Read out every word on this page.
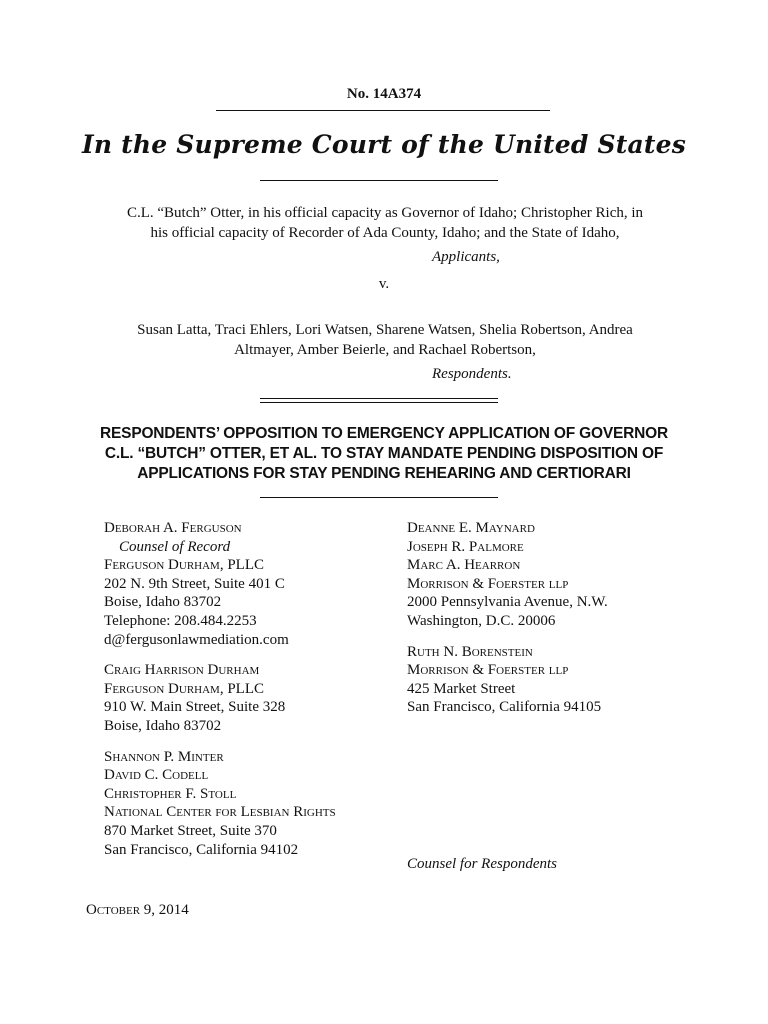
No. 14A374
In the Supreme Court of the United States
C.L. “Butch” Otter, in his official capacity as Governor of Idaho; Christopher Rich, in
his official capacity of Recorder of Ada County, Idaho; and the State of Idaho,
Applicants,
v.
Susan Latta, Traci Ehlers, Lori Watsen, Sharene Watsen, Shelia Robertson, Andrea
Altmayer, Amber Beierle, and Rachael Robertson,
Respondents.
RESPONDENTS’ OPPOSITION TO EMERGENCY APPLICATION OF GOVERNOR
C.L. “BUTCH” OTTER, ET AL. TO STAY MANDATE PENDING DISPOSITION OF
APPLICATIONS FOR STAY PENDING REHEARING AND CERTIORARI
Deborah A. Ferguson
Counsel of Record
Ferguson Durham, PLLC
202 N. 9th Street, Suite 401 C
Boise, Idaho 83702
Telephone: 208.484.2253
d@fergusonlawmediation.com
Craig Harrison Durham
Ferguson Durham, PLLC
910 W. Main Street, Suite 328
Boise, Idaho 83702
Shannon P. Minter
David C. Codell
Christopher F. Stoll
National Center for Lesbian Rights
870 Market Street, Suite 370
San Francisco, California 94102
Deanne E. Maynard
Joseph R. Palmore
Marc A. Hearron
Morrison & Foerster llp
2000 Pennsylvania Avenue, N.W.
Washington, D.C. 20006
Ruth N. Borenstein
Morrison & Foerster llp
425 Market Street
San Francisco, California 94105
Counsel for Respondents
October 9, 2014
